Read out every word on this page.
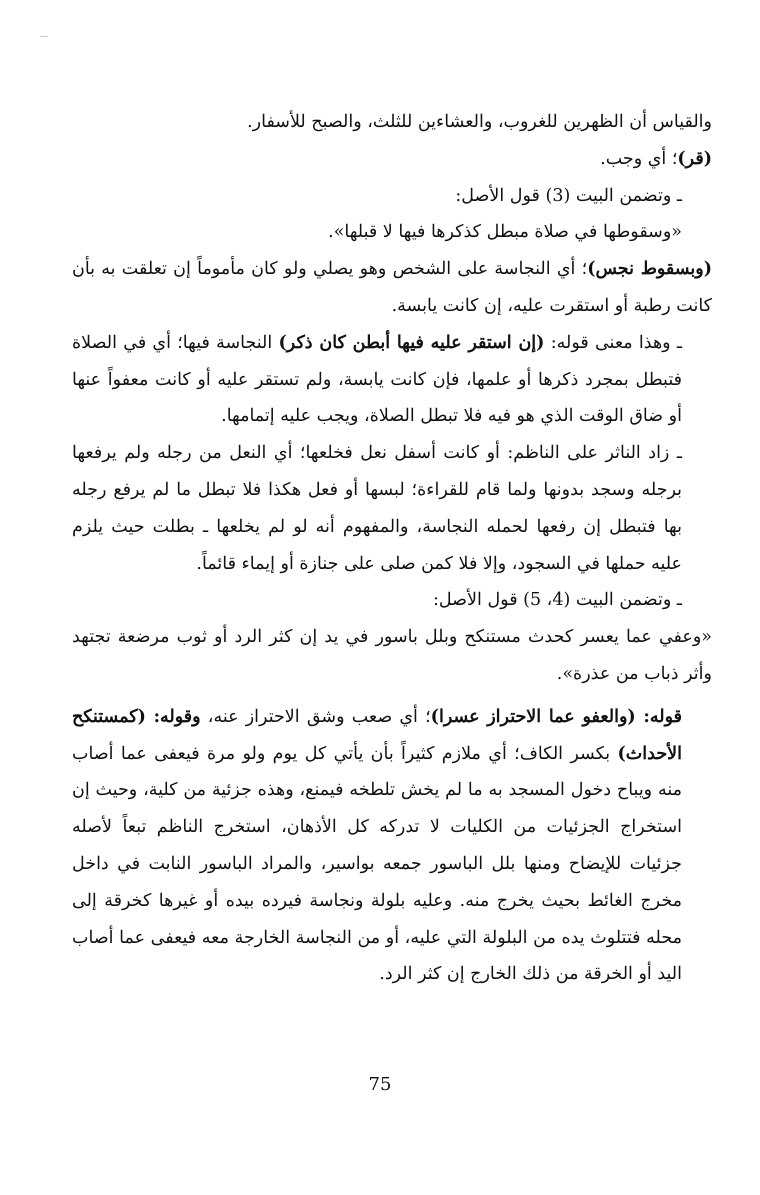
والقياس أن الظهرين للغروب، والعشاءين للثلث، والصبح للأسفار.

(قر)؛ أي وجب.

ـ وتضمن البيت (3) قول الأصل:

«وسقوطها في صلاة مبطل كذكرها فيها لا قبلها».

(وبسقوط نجس)؛ أي النجاسة على الشخص وهو يصلي ولو كان مأموماً إن تعلقت به بأن كانت رطبة أو استقرت عليه، إن كانت يابسة.

ـ وهذا معنى قوله: (إن استقر عليه فيها أبطن كان ذكر) النجاسة فيها؛ أي في الصلاة فتبطل بمجرد ذكرها أو علمها، فإن كانت يابسة، ولم تستقر عليه أو كانت معفواً عنها أو ضاق الوقت الذي هو فيه فلا تبطل الصلاة، ويجب عليه إتمامها.

ـ زاد الناثر على الناظم: أو كانت أسفل نعل فخلعها؛ أي النعل من رجله ولم يرفعها برجله وسجد بدونها ولما قام للقراءة؛ لبسها أو فعل هكذا فلا تبطل ما لم يرفع رجله بها فتبطل إن رفعها لحمله النجاسة، والمفهوم أنه لو لم يخلعها ـ بطلت حيث يلزم عليه حملها في السجود، وإلا فلا كمن صلى على جنازة أو إيماء قائماً.

ـ وتضمن البيت (4، 5) قول الأصل:

«وعفي عما يعسر كحدث مستنكح وبلل باسور في يد إن كثر الرد أو ثوب مرضعة تجتهد وأثر ذباب من عذرة».

قوله: (والعفو عما الاحتراز عسرا)؛ أي صعب وشق الاحتراز عنه، وقوله: (كمستنكح الأحداث) بكسر الكاف؛ أي ملازم كثيراً بأن يأتي كل يوم ولو مرة فيعفى عما أصاب منه ويباح دخول المسجد به ما لم يخش تلطخه فيمنع، وهذه جزئية من كلية، وحيث إن استخراج الجزئيات من الكليات لا تدركه كل الأذهان، استخرج الناظم تبعاً لأصله جزئيات للإيضاح ومنها بلل الباسور جمعه بواسير، والمراد الباسور النابت في داخل مخرج الغائط بحيث يخرج منه. وعليه بلولة ونجاسة فيرده بيده أو غيرها كخرقة إلى محله فتتلوث يده من البلولة التي عليه، أو من النجاسة الخارجة معه فيعفى عما أصاب اليد أو الخرقة من ذلك الخارج إن كثر الرد.

75
